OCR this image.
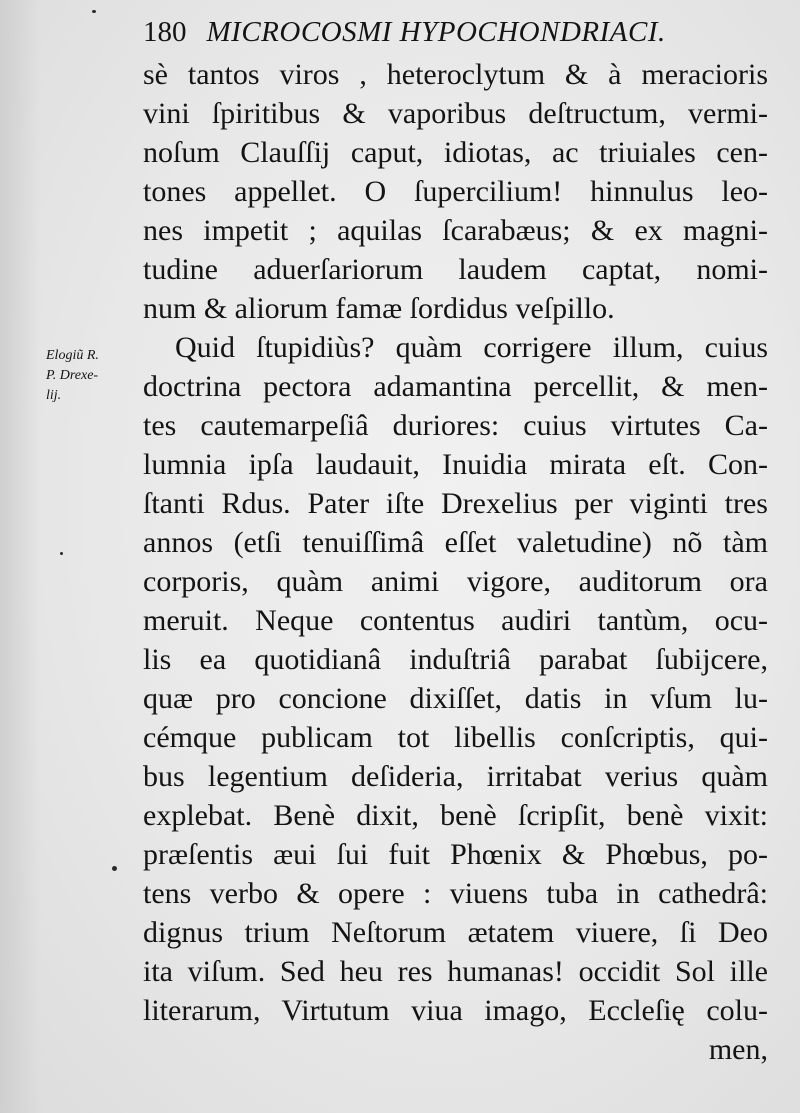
180 MICROCOSMI HYPOCHONDRIACI.
Elogiũ R.
P. Drexe-
lij.
sè tantos viros , heteroclytum & à meracioris
vini ſpiritibus & vaporibus deſtructum, vermi-
noſum Clauſſij caput, idiotas, ac triuiales cen-
tones appellet. O ſupercilium! hinnulus leo-
nes impetit ; aquilas ſcarabæus; & ex magni-
tudine aduerſariorum laudem captat, nomi-
num & aliorum famæ ſordidus veſpillo.
Quid ſtupidiùs? quàm corrigere illum, cuius
doctrina pectora adamantina percellit, & men-
tes cautemarpeſiâ duriores: cuius virtutes Ca-
lumnia ipſa laudauit, Inuidia mirata eſt. Con-
ſtanti Rdus. Pater iſte Drexelius per viginti tres
annos (etſi tenuiſſimâ eſſet valetudine) nõ tàm
corporis, quàm animi vigore, auditorum ora
meruit. Neque contentus audiri tantùm, ocu-
lis ea quotidianâ induſtriâ parabat ſubijcere,
quæ pro concione dixiſſet, datis in vſum lu-
cémque publicam tot libellis conſcriptis, qui-
bus legentium deſideria, irritabat verius quàm
explebat. Benè dixit, benè ſcripſit, benè vixit:
præſentis æui ſui fuit Phœnix & Phœbus, po-
tens verbo & opere : viuens tuba in cathedrâ:
dignus trium Neſtorum ætatem viuere, ſi Deo
ita viſum. Sed heu res humanas! occidit Sol ille
literarum, Virtutum viua imago, Eccleſię colu-
men,
